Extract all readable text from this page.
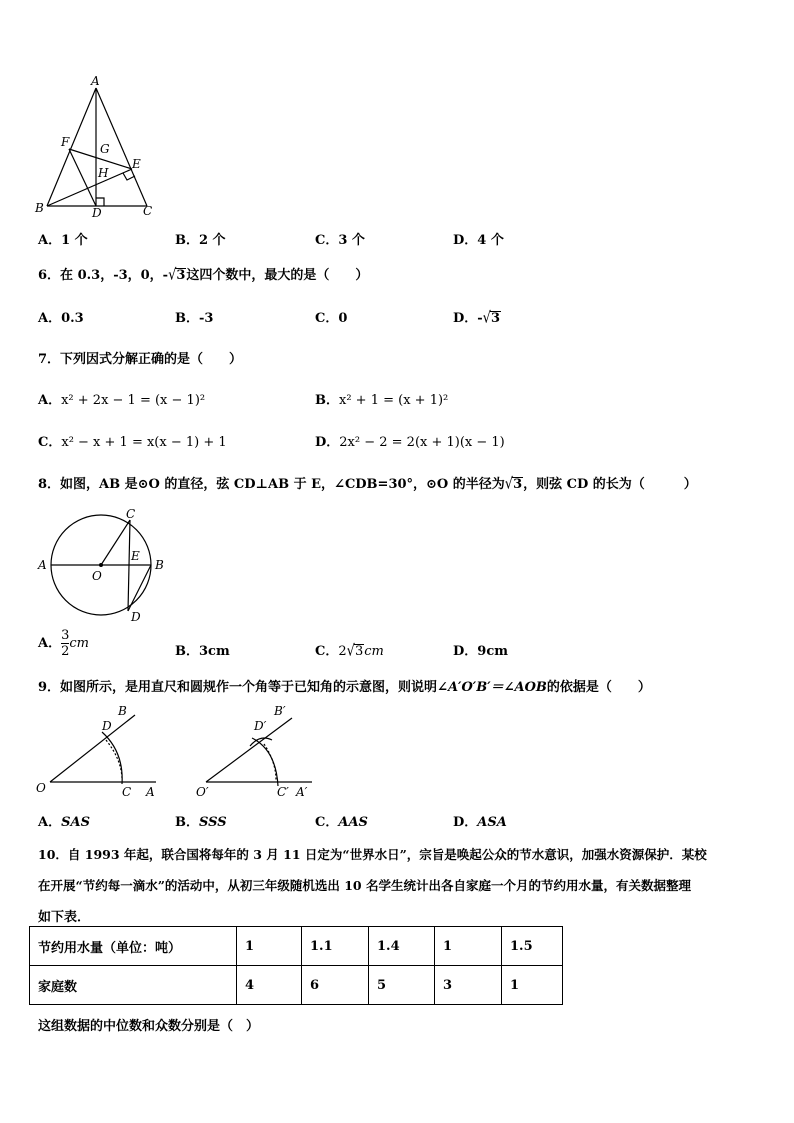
A
B	C
D
E
F	G
H
A．1 个	B．2 个	C．3 个	D．4 个
6．在 0.3，-3，0，-√3这四个数中，最大的是（　　）
A．0.3	B．-3	C．0	D．-√3
7．下列因式分解正确的是（　　）
A．x² + 2x − 1 = (x − 1)²	B．x² + 1 = (x + 1)²
C．x² − x + 1 = x(x − 1) + 1	D．2x² − 2 = 2(x + 1)(x − 1)
8．如图，AB 是⊙O 的直径，弦 CD⊥AB 于 E，∠CDB=30°，⊙O 的半径为√3，则弦 CD 的长为（　　　）
A	B
C
D
E
O
A． $\frac{3}{2}$ cm
B．3cm	C．2√3cm	D．9cm
9．如图所示，是用直尺和圆规作一个角等于已知角的示意图，则说明∠A′O′B′＝∠AOB的依据是（　　）
O	C A
D
B
O′	C′ A′
D′
B′
A．SAS	B．SSS	C．AAS	D．ASA
10．自 1993 年起，联合国将每年的 3 月 11 日定为“世界水日”，宗旨是唤起公众的节水意识，加强水资源保护．某校
在开展“节约每一滴水”的活动中，从初三年级随机选出 10 名学生统计出各自家庭一个月的节约用水量，有关数据整理
如下表．
节约用水量（单位：吨）	1	1.1	1.4	1	1.5
家庭数	4	6	5	3	1
这组数据的中位数和众数分别是（　）
